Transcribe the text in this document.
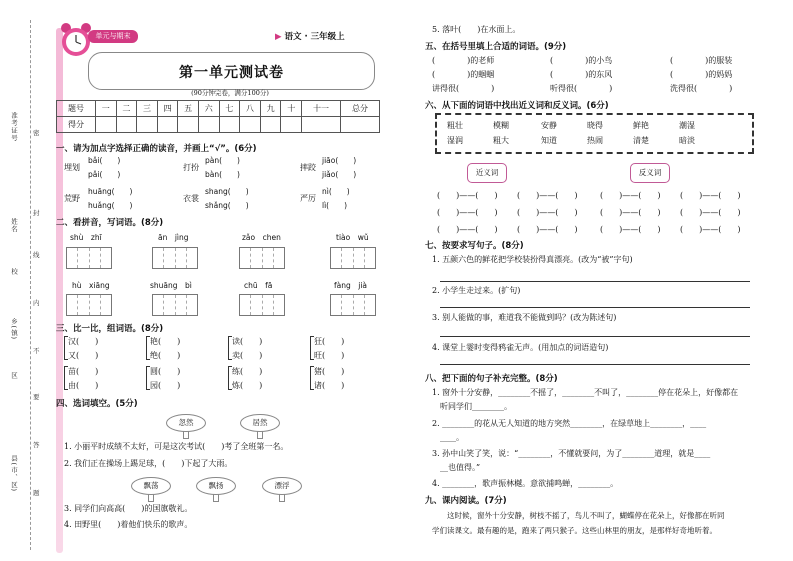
准考证号
姓名
校
乡(镇)
区
县(市、区)
密
封
线
内
不
要
答
题
单元与期末	▶ 语文 · 三年级上
第一单元测试卷
(90分钟完卷，满分100分)
题号	一	二	三	四	五	六	七	八	九	十	十一	总分
得分												
一、请为加点字选择正确的读音，并画上“√”。(6分)
埋划
bǎi(　　)
pǎi(　　)
打扮
pàn(　　)
bàn(　　)
摔跤
jiāo(　　)
jiǎo(　　)
荒野
huāng(　　)
huǎng(　　)
衣裳
shang(　　)
shǎng(　　)
严厉
nì(　　)
lì(　　)
二、看拼音，写词语。(8分)
shù　zhī	ān　jìng	zǎo　chen	tiào　wǔ
hù　xiāng	shuāng　bì	chū　fā	fàng　jià
三、比一比，组词语。(8分)
汉(　　)
又(　　)
艳(　　)
绝(　　)
读(　　)
卖(　　)
狂(　　)
旺(　　)
苗(　　)
由(　　)
圆(　　)
园(　　)
练(　　)
炼(　　)
猪(　　)
诸(　　)
四、选词填空。(5分)
忽然	居然
1. 小丽平时成绩不太好，可是这次考试(　　)考了全班第一名。
2. 我们正在操场上踢足球，(　　)下起了大雨。
飘荡	飘扬	漂浮
3. 同学们向高高(　　)的国旗敬礼。
4. 田野里(　　)着他们快乐的歌声。
5. 落叶(　　)在水面上。
五、在括号里填上合适的词语。(9分)
(　　　　)的老师	(　　　　)的小鸟	(　　　　)的服装
(　　　　)的蝈蝈	(　　　　)的东风	(　　　　)的妈妈
讲得很(　　　　)	听得很(　　　　)	洗得很(　　　　)
六、从下面的词语中找出近义词和反义词。(6分)
粗壮	模糊	安静	晓得	鲜艳	潮湿
湿润	粗大	知道	热闹	清楚	暗淡
近义词	反义词
(　　)——(　　) (　　)——(　　)	(　　)——(　　) (　　)——(　　)
(　　)——(　　) (　　)——(　　)	(　　)——(　　) (　　)——(　　)
(　　)——(　　) (　　)——(　　)	(　　)——(　　) (　　)——(　　)
七、按要求写句子。(8分)
1. 五颜六色的鲜花把学校装扮得真漂亮。(改为“被”字句)
2. 小学生走过来。(扩句)
3. 别人能做的事，难道我不能做到吗？(改为陈述句)
4. 课堂上霎时变得鸦雀无声。(用加点的词语造句)
八、把下面的句子补充完整。(8分)
1. 窗外十分安静，________不摇了，________不叫了，________停在花朵上，好像都在
　听同学们________。
2. ________的花从无人知道的地方突然________，在绿草地上________，____
　____。
3. 孙中山笑了笑，说：“________，不懂就要问，为了________道理，就是____
　__也值得。”
4. ________，歌声振林樾。意欲捕鸣蝉，________。
九、课内阅读。(7分)
　　这时候，窗外十分安静，树枝不摇了，鸟儿不叫了，蝴蝶停在花朵上，好像都在听同
学们读课文。最有趣的是，跑来了两只猴子。这些山林里的朋友，是那样好奇地听着。
